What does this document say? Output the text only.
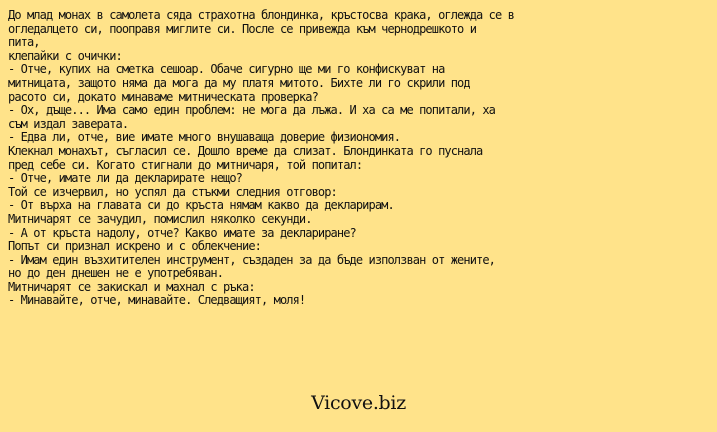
До млад монах в самолета сяда страхотна блондинка, кръстосва крака, оглежда се в
огледалцето си, пооправя миглите си. После се привежда към чернодрешкото и
пита,
клепайки с очички:
- Отче, купих на сметка сешоар. Обаче сигурно ще ми го конфискуват на
митницата, защото няма да мога да му платя митото. Бихте ли го скрили под
расото си, докато минаваме митническата проверка?
- Ох, дъще... Има само един проблем: не мога да лъжа. И ха са ме попитали, ха
съм издал заверата.
- Едва ли, отче, вие имате много внушаваща доверие физиономия.
Клекнал монахът, съгласил се. Дошло време да слизат. Блондинката го пуснала
пред себе си. Когато стигнали до митничаря, той попитал:
- Отче, имате ли да декларирате нещо?
Той се изчервил, но успял да стъкми следния отговор:
- От върха на главата си до кръста нямам какво да декларирам.
Митничарят се зачудил, помислил няколко секунди.
- А от кръста надолу, отче? Какво имате за деклариране?
Попът си признал искрено и с облекчение:
- Имам един възхитителен инструмент, създаден за да бъде използван от жените,
но до ден днешен не е употребяван.
Митничарят се закискал и махнал с ръка:
- Минавайте, отче, минавайте. Следващият, моля!
Vicove.biz
